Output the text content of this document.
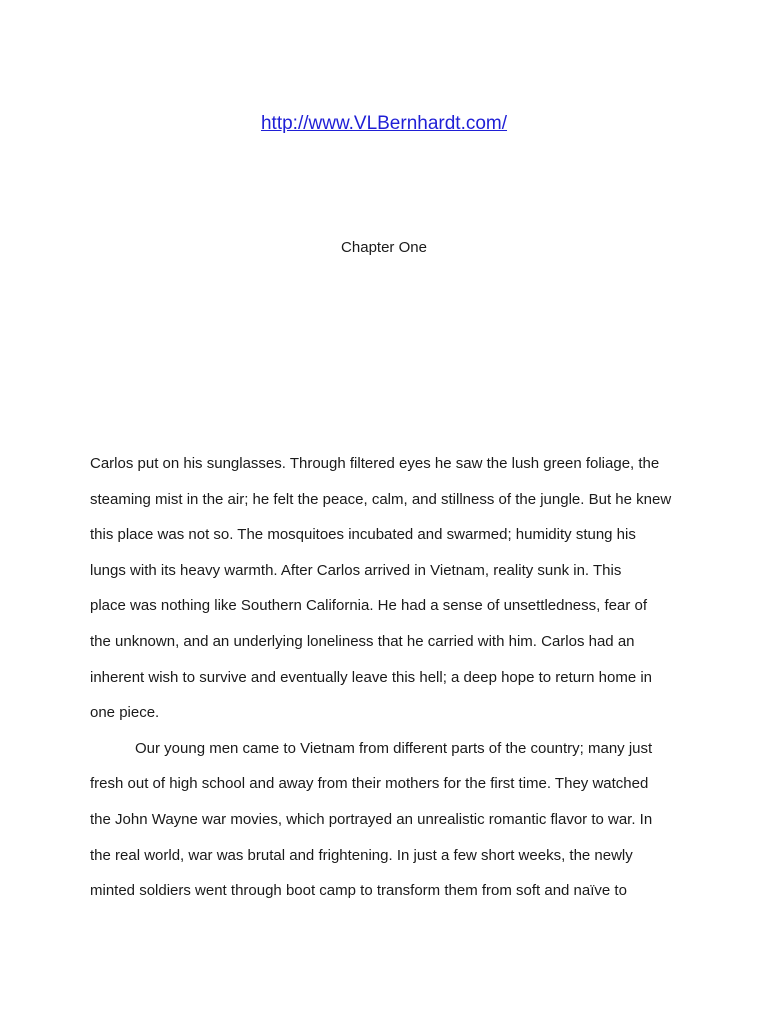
http://www.VLBernhardt.com/
Chapter One
Carlos put on his sunglasses. Through filtered eyes he saw the lush green foliage, the
steaming mist in the air; he felt the peace, calm, and stillness of the jungle. But he knew
this place was not so. The mosquitoes incubated and swarmed; humidity stung his
lungs with its heavy warmth. After Carlos arrived in Vietnam, reality sunk in. This
place was nothing like Southern California. He had a sense of unsettledness, fear of
the unknown, and an underlying loneliness that he carried with him. Carlos had an
inherent wish to survive and eventually leave this hell; a deep hope to return home in
one piece.
Our young men came to Vietnam from different parts of the country; many just
fresh out of high school and away from their mothers for the first time. They watched
the John Wayne war movies, which portrayed an unrealistic romantic flavor to war. In
the real world, war was brutal and frightening. In just a few short weeks, the newly
minted soldiers went through boot camp to transform them from soft and naïve to
